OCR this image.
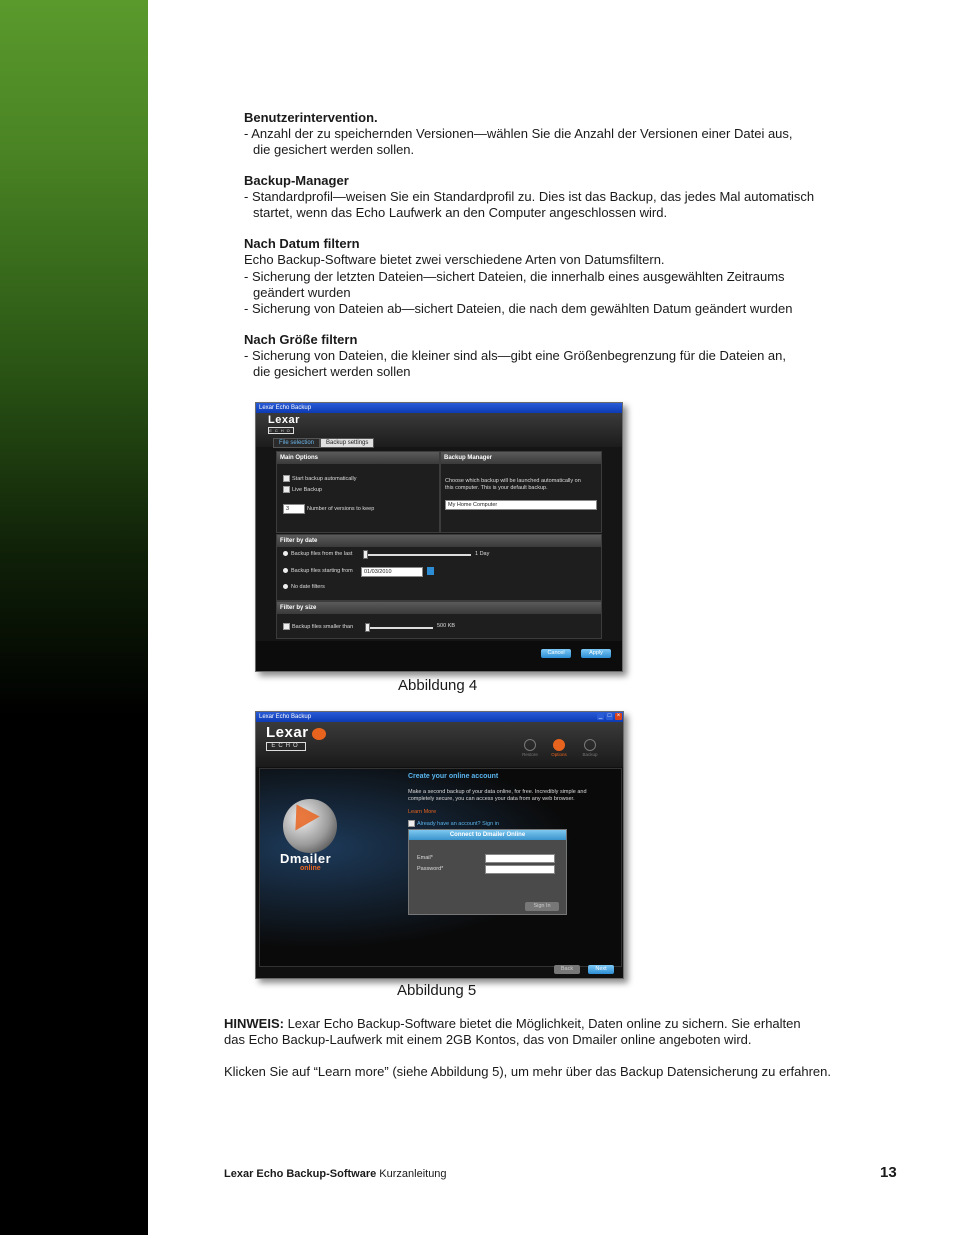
Benutzerintervention.
- Anzahl der zu speichernden Versionen—wählen Sie die Anzahl der Versionen einer Datei aus,
die gesichert werden sollen.
Backup-Manager
- Standardprofil—weisen Sie ein Standardprofil zu. Dies ist das Backup, das jedes Mal automatisch
startet, wenn das Echo Laufwerk an den Computer angeschlossen wird.
Nach Datum filtern
Echo Backup-Software bietet zwei verschiedene Arten von Datumsfiltern.
- Sicherung der letzten Dateien—sichert Dateien, die innerhalb eines ausgewählten Zeitraums
geändert wurden
- Sicherung von Dateien ab—sichert Dateien, die nach dem gewählten Datum geändert wurden
Nach Größe filtern
- Sicherung von Dateien, die kleiner sind als—gibt eine Größenbegrenzung für die Dateien an,
die gesichert werden sollen
Lexar Echo Backup
Lexar
ECHO
File selection Backup settings
Main Options
Start backup automatically
✓ Live Backup
3	Number of versions to keep
Backup Manager
Choose which backup will be launched automatically on
this computer. This is your default backup.
My Home Computer
Filter by date
Backup files from the last	1 Day
Backup files starting from	01/03/2010
No date filters
Filter by size
Backup files smaller than	500 KB
Cancel	Apply
Abbildung 4
Lexar Echo Backup	_ □ ×
Lexar
ECHO
Restore	Options	Backup
Dmailer
online
Create your online account
Make a second backup of your data online, for free. Incredibly simple and
completely secure, you can access your data from any web browser.
Learn More
Already have an account? Sign in
Connect to Dmailer Online
Email*
Password*
Sign In
Back	Next
Abbildung 5
HINWEIS: Lexar Echo Backup-Software bietet die Möglichkeit, Daten online zu sichern. Sie erhalten
das Echo Backup-Laufwerk mit einem 2GB Kontos, das von Dmailer online angeboten wird.
Klicken Sie auf “Learn more” (siehe Abbildung 5), um mehr über das Backup Datensicherung zu erfahren.
Lexar Echo Backup-Software Kurzanleitung	13
